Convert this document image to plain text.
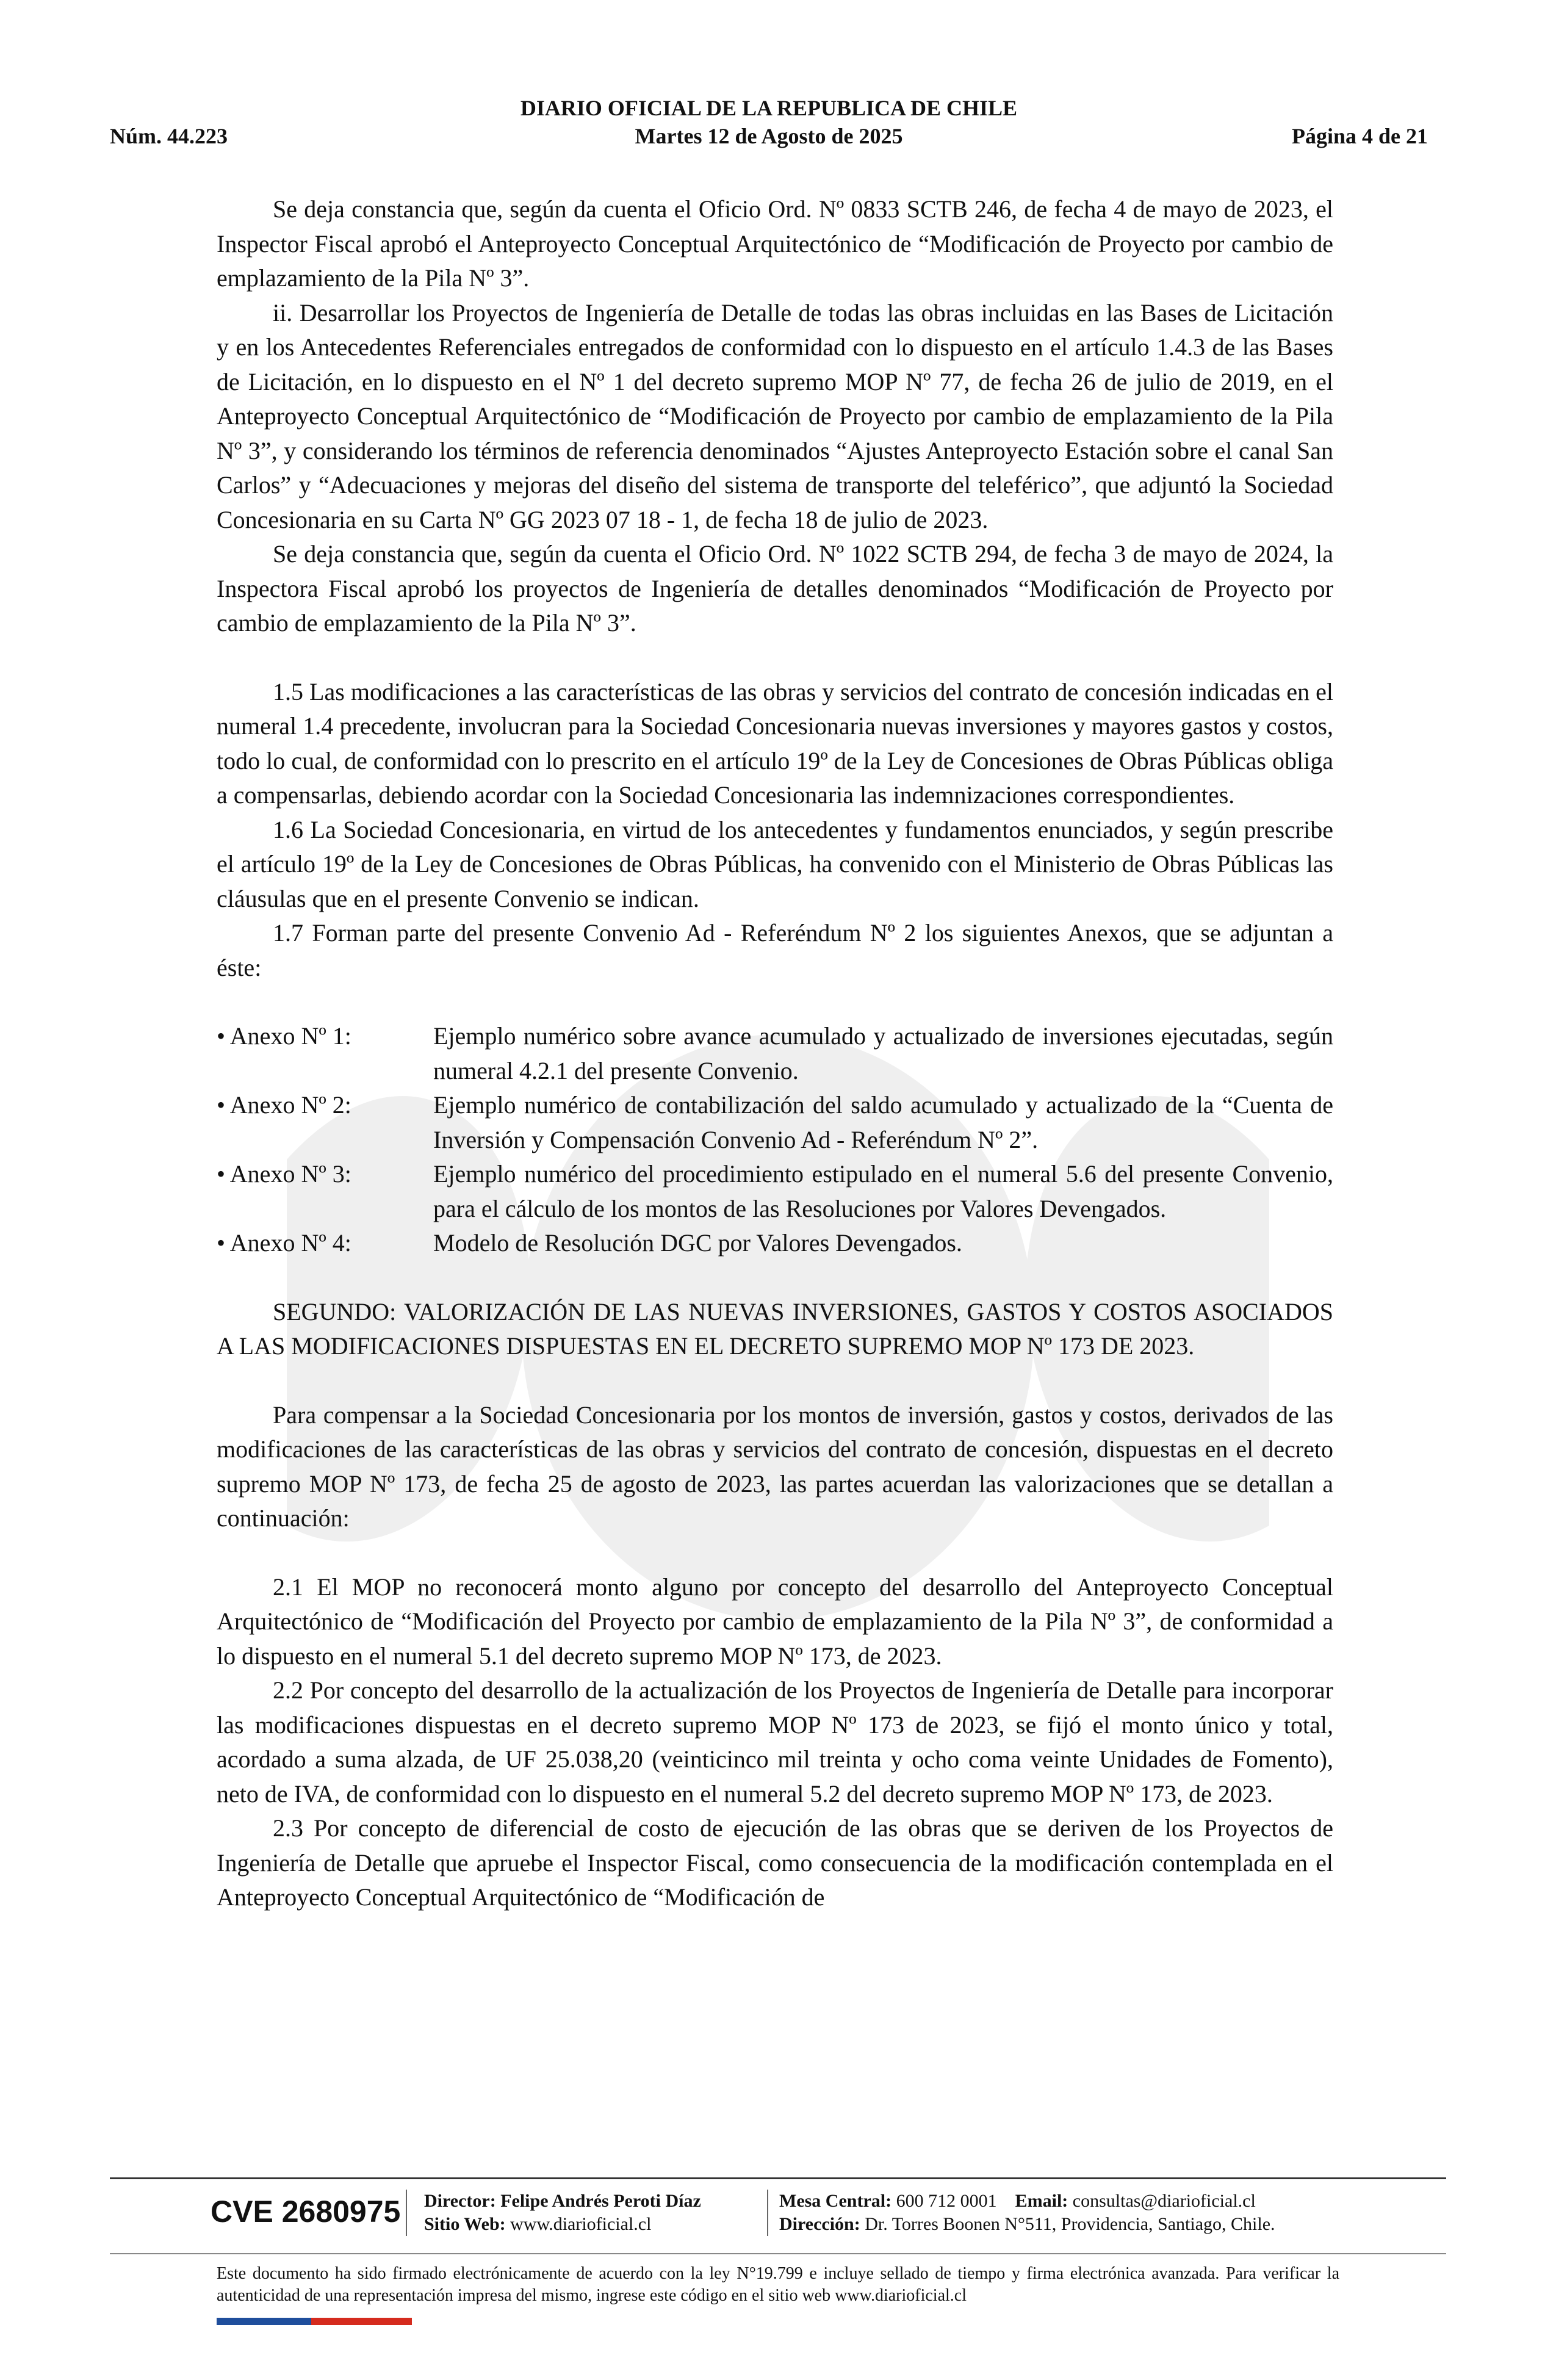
DIARIO OFICIAL DE LA REPUBLICA DE CHILE
Núm. 44.223	Martes 12 de Agosto de 2025	Página 4 de 21

Se deja constancia que, según da cuenta el Oficio Ord. Nº 0833 SCTB 246, de fecha 4 de mayo de 2023, el Inspector Fiscal aprobó el Anteproyecto Conceptual Arquitectónico de “Modificación de Proyecto por cambio de emplazamiento de la Pila Nº 3”.

ii. Desarrollar los Proyectos de Ingeniería de Detalle de todas las obras incluidas en las Bases de Licitación y en los Antecedentes Referenciales entregados de conformidad con lo dispuesto en el artículo 1.4.3 de las Bases de Licitación, en lo dispuesto en el Nº 1 del decreto supremo MOP Nº 77, de fecha 26 de julio de 2019, en el Anteproyecto Conceptual Arquitectónico de “Modificación de Proyecto por cambio de emplazamiento de la Pila Nº 3”, y considerando los términos de referencia denominados “Ajustes Anteproyecto Estación sobre el canal San Carlos” y “Adecuaciones y mejoras del diseño del sistema de transporte del teleférico”, que adjuntó la Sociedad Concesionaria en su Carta Nº GG 2023 07 18 - 1, de fecha 18 de julio de 2023.

Se deja constancia que, según da cuenta el Oficio Ord. Nº 1022 SCTB 294, de fecha 3 de mayo de 2024, la Inspectora Fiscal aprobó los proyectos de Ingeniería de detalles denominados “Modificación de Proyecto por cambio de emplazamiento de la Pila Nº 3”.

1.5 Las modificaciones a las características de las obras y servicios del contrato de concesión indicadas en el numeral 1.4 precedente, involucran para la Sociedad Concesionaria nuevas inversiones y mayores gastos y costos, todo lo cual, de conformidad con lo prescrito en el artículo 19º de la Ley de Concesiones de Obras Públicas obliga a compensarlas, debiendo acordar con la Sociedad Concesionaria las indemnizaciones correspondientes.

1.6 La Sociedad Concesionaria, en virtud de los antecedentes y fundamentos enunciados, y según prescribe el artículo 19º de la Ley de Concesiones de Obras Públicas, ha convenido con el Ministerio de Obras Públicas las cláusulas que en el presente Convenio se indican.

1.7 Forman parte del presente Convenio Ad - Referéndum Nº 2 los siguientes Anexos, que se adjuntan a éste:

• Anexo Nº 1:	Ejemplo numérico sobre avance acumulado y actualizado de inversiones ejecutadas, según numeral 4.2.1 del presente Convenio.
• Anexo Nº 2:	Ejemplo numérico de contabilización del saldo acumulado y actualizado de la “Cuenta de Inversión y Compensación Convenio Ad - Referéndum Nº 2”.
• Anexo Nº 3:	Ejemplo numérico del procedimiento estipulado en el numeral 5.6 del presente Convenio, para el cálculo de los montos de las Resoluciones por Valores Devengados.
• Anexo Nº 4:	Modelo de Resolución DGC por Valores Devengados.

SEGUNDO: VALORIZACIÓN DE LAS NUEVAS INVERSIONES, GASTOS Y COSTOS ASOCIADOS A LAS MODIFICACIONES DISPUESTAS EN EL DECRETO SUPREMO MOP Nº 173 DE 2023.

Para compensar a la Sociedad Concesionaria por los montos de inversión, gastos y costos, derivados de las modificaciones de las características de las obras y servicios del contrato de concesión, dispuestas en el decreto supremo MOP Nº 173, de fecha 25 de agosto de 2023, las partes acuerdan las valorizaciones que se detallan a continuación:

2.1 El MOP no reconocerá monto alguno por concepto del desarrollo del Anteproyecto Conceptual Arquitectónico de “Modificación del Proyecto por cambio de emplazamiento de la Pila Nº 3”, de conformidad a lo dispuesto en el numeral 5.1 del decreto supremo MOP Nº 173, de 2023.

2.2 Por concepto del desarrollo de la actualización de los Proyectos de Ingeniería de Detalle para incorporar las modificaciones dispuestas en el decreto supremo MOP Nº 173 de 2023, se fijó el monto único y total, acordado a suma alzada, de UF 25.038,20 (veinticinco mil treinta y ocho coma veinte Unidades de Fomento), neto de IVA, de conformidad con lo dispuesto en el numeral 5.2 del decreto supremo MOP Nº 173, de 2023.

2.3 Por concepto de diferencial de costo de ejecución de las obras que se deriven de los Proyectos de Ingeniería de Detalle que apruebe el Inspector Fiscal, como consecuencia de la modificación contemplada en el Anteproyecto Conceptual Arquitectónico de “Modificación de

CVE 2680975 Director: Felipe Andrés Peroti Díaz
Sitio Web: www.diarioficial.cl
Mesa Central: 600 712 0001 Email: consultas@diarioficial.cl
Dirección: Dr. Torres Boonen N°511, Providencia, Santiago, Chile.
Este documento ha sido firmado electrónicamente de acuerdo con la ley N°19.799 e incluye sellado de tiempo y firma electrónica avanzada. Para verificar la autenticidad de una representación impresa del mismo, ingrese este código en el sitio web www.diarioficial.cl
